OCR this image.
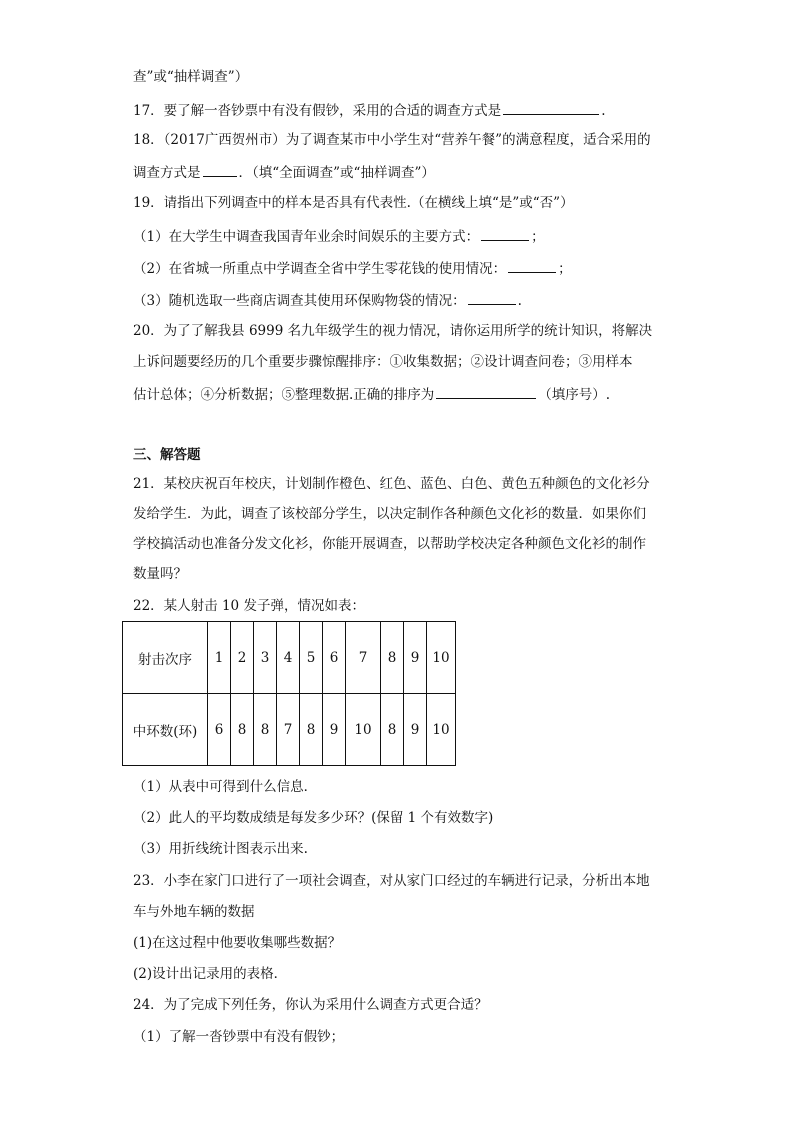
查”或“抽样调查”）
17．要了解一沓钞票中有没有假钞，采用的合适的调查方式是	.
18．（2017广西贺州市）为了调查某市中小学生对“营养午餐”的满意程度，适合采用的
调查方式是	．（填“全面调查”或“抽样调查”）
19．请指出下列调查中的样本是否具有代表性.（在横线上填“是”或“否”）
（1）在大学生中调查我国青年业余时间娱乐的主要方式：	；
（2）在省城一所重点中学调查全省中学生零花钱的使用情况：	；
（3）随机选取一些商店调查其使用环保购物袋的情况：	.
20．为了了解我县 6999 名九年级学生的视力情况，请你运用所学的统计知识，将解决
上诉问题要经历的几个重要步骤惊醒排序：①收集数据；②设计调查问卷；③用样本
估计总体；④分析数据；⑤整理数据.正确的排序为	（填序号）.
三、解答题
21．某校庆祝百年校庆，计划制作橙色、红色、蓝色、白色、黄色五种颜色的文化衫分
发给学生．为此，调查了该校部分学生，以决定制作各种颜色文化衫的数量．如果你们
学校搞活动也准备分发文化衫，你能开展调查，以帮助学校决定各种颜色文化衫的制作
数量吗？
22．某人射击 10 发子弹，情况如表：
射击次序	1	2	3	4	5	6	7	8	9	10
中环数(环)	6	8	8	7	8	9	10	8	9	10
（1）从表中可得到什么信息．
（2）此人的平均数成绩是每发多少环？(保留 1 个有效数字)
（3）用折线统计图表示出来.
23．小李在家门口进行了一项社会调查，对从家门口经过的车辆进行记录，分析出本地
车与外地车辆的数据
(1)在这过程中他要收集哪些数据？
(2)设计出记录用的表格．
24．为了完成下列任务，你认为采用什么调查方式更合适？
（1）了解一沓钞票中有没有假钞；
